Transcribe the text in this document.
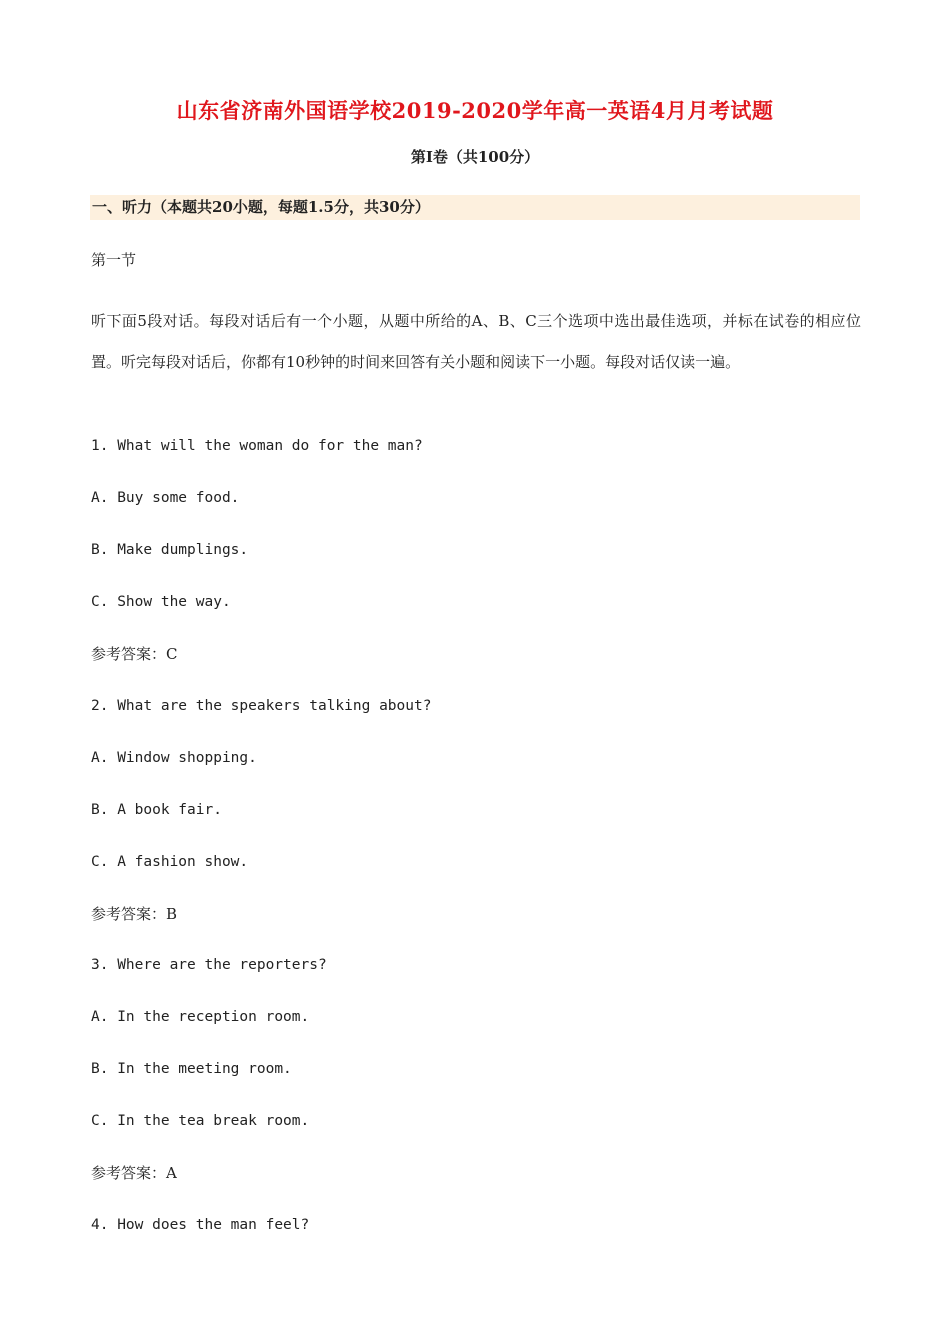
山东省济南外国语学校2019-2020学年高一英语4月月考试题
第I卷（共100分）
一、听力（本题共20小题，每题1.5分，共30分）
第一节
听下面5段对话。每段对话后有一个小题，从题中所给的A、B、C三个选项中选出最佳选项，并标在试卷的相应位置。听完每段对话后，你都有10秒钟的时间来回答有关小题和阅读下一小题。每段对话仅读一遍。
1. What will the woman do for the man?
A. Buy some food.
B. Make dumplings.
C. Show the way.
参考答案：C
2. What are the speakers talking about?
A. Window shopping.
B. A book fair.
C. A fashion show.
参考答案：B
3. Where are the reporters?
A. In the reception room.
B. In the meeting room.
C. In the tea break room.
参考答案：A
4. How does the man feel?
